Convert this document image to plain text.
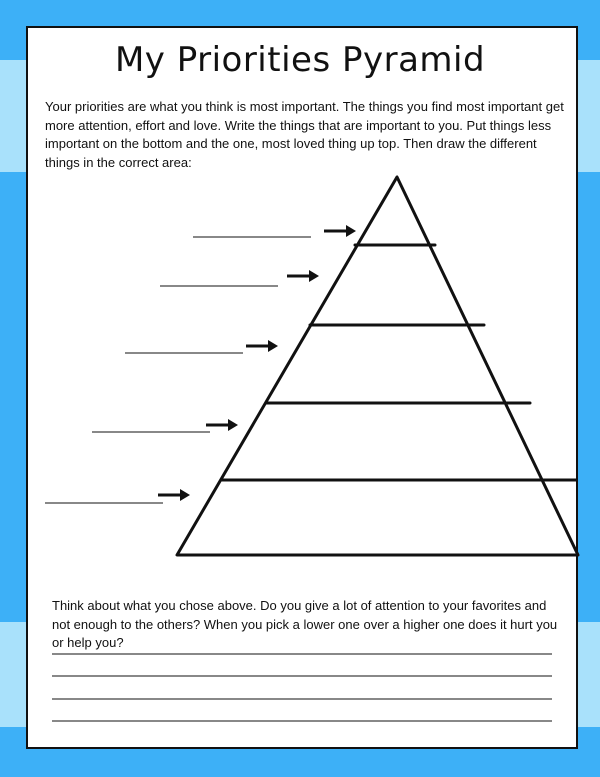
My Priorities Pyramid
Your priorities are what you think is most important. The things you find most important get more attention, effort and love. Write the things that are important to you. Put things less important on the bottom and the one, most loved thing up top. Then draw the different things in the correct area:
Think about what you chose above. Do you give a lot of attention to your favorites and not enough to the others? When you pick a lower one over a higher one does it hurt you or help you?
